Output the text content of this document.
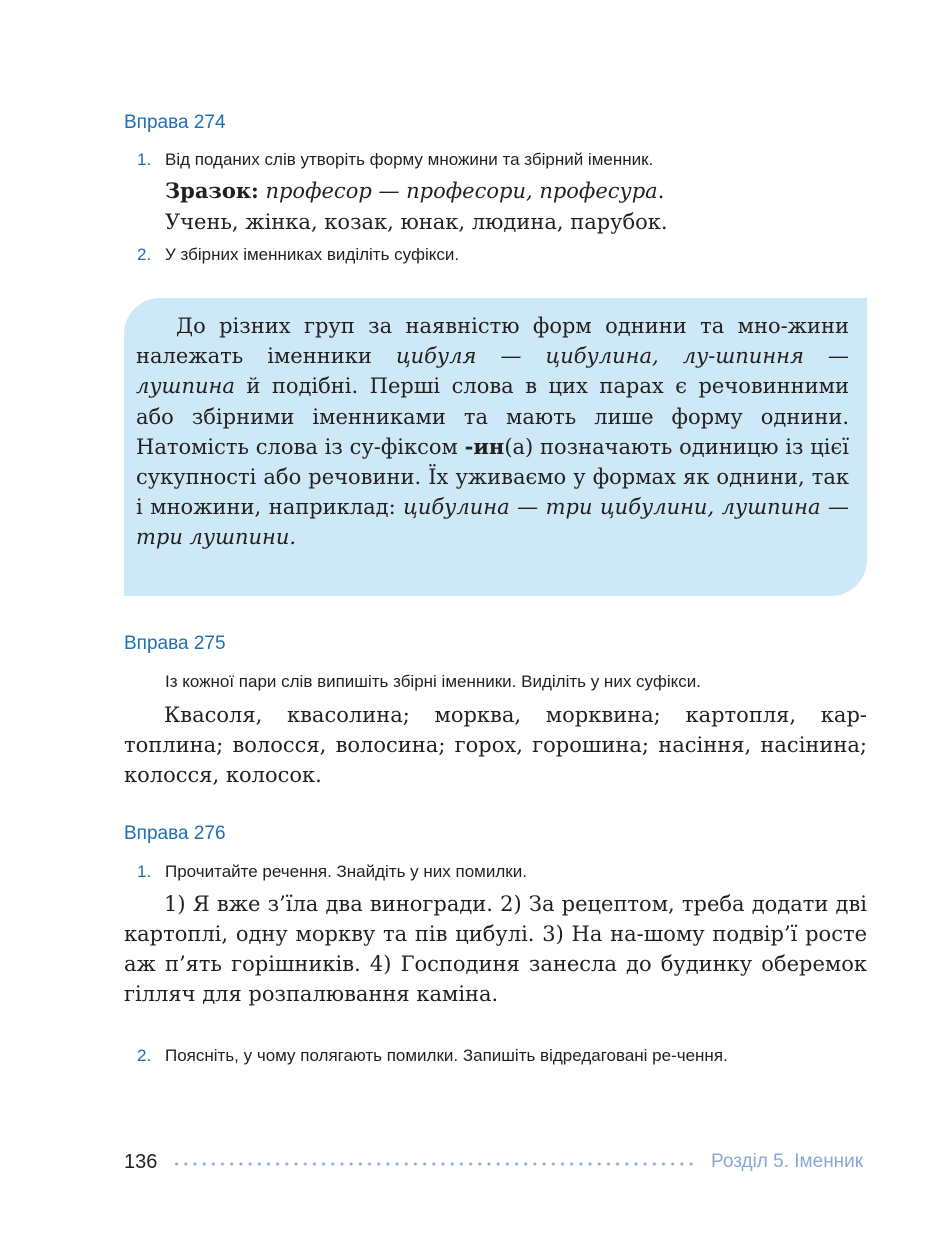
Вправа 274
1. Від поданих слів утворіть форму множини та збірний іменник.
Зразок: професор — професори, професура.
Учень, жінка, козак, юнак, людина, парубок.
2. У збірних іменниках виділіть суфікси.

До різних груп за наявністю форм однини та мно-жини належать іменники цибуля — цибулина, лу-шпиння — лушпина й подібні. Перші слова в цих парах є речовинними або збірними іменниками та мають лише форму однини. Натомість слова із су-фіксом -ин(а) позначають одиницю із цієї сукупності або речовини. Їх уживаємо у формах як однини, так і множини, наприклад: цибулина — три цибулини, лушпина — три лушпини.

Вправа 275
Із кожної пари слів випишіть збірні іменники. Виділіть у них суфікси.
Квасоля, квасолина; морква, морквина; картопля, кар-топлина; волосся, волосина; горох, горошина; насіння, насінина; колосся, колосок.
Вправа 276
1. Прочитайте речення. Знайдіть у них помилки.
1) Я вже з’їла два виногради. 2) За рецептом, треба додати дві картоплі, одну моркву та пів цибулі. 3) На на-шому подвір’ї росте аж п’ять горішників. 4) Господиня занесла до будинку оберемок гілляч для розпалювання каміна.
2. Поясніть, у чому полягають помилки. Запишіть відредаговані ре-чення.
136	Розділ 5. Іменник
